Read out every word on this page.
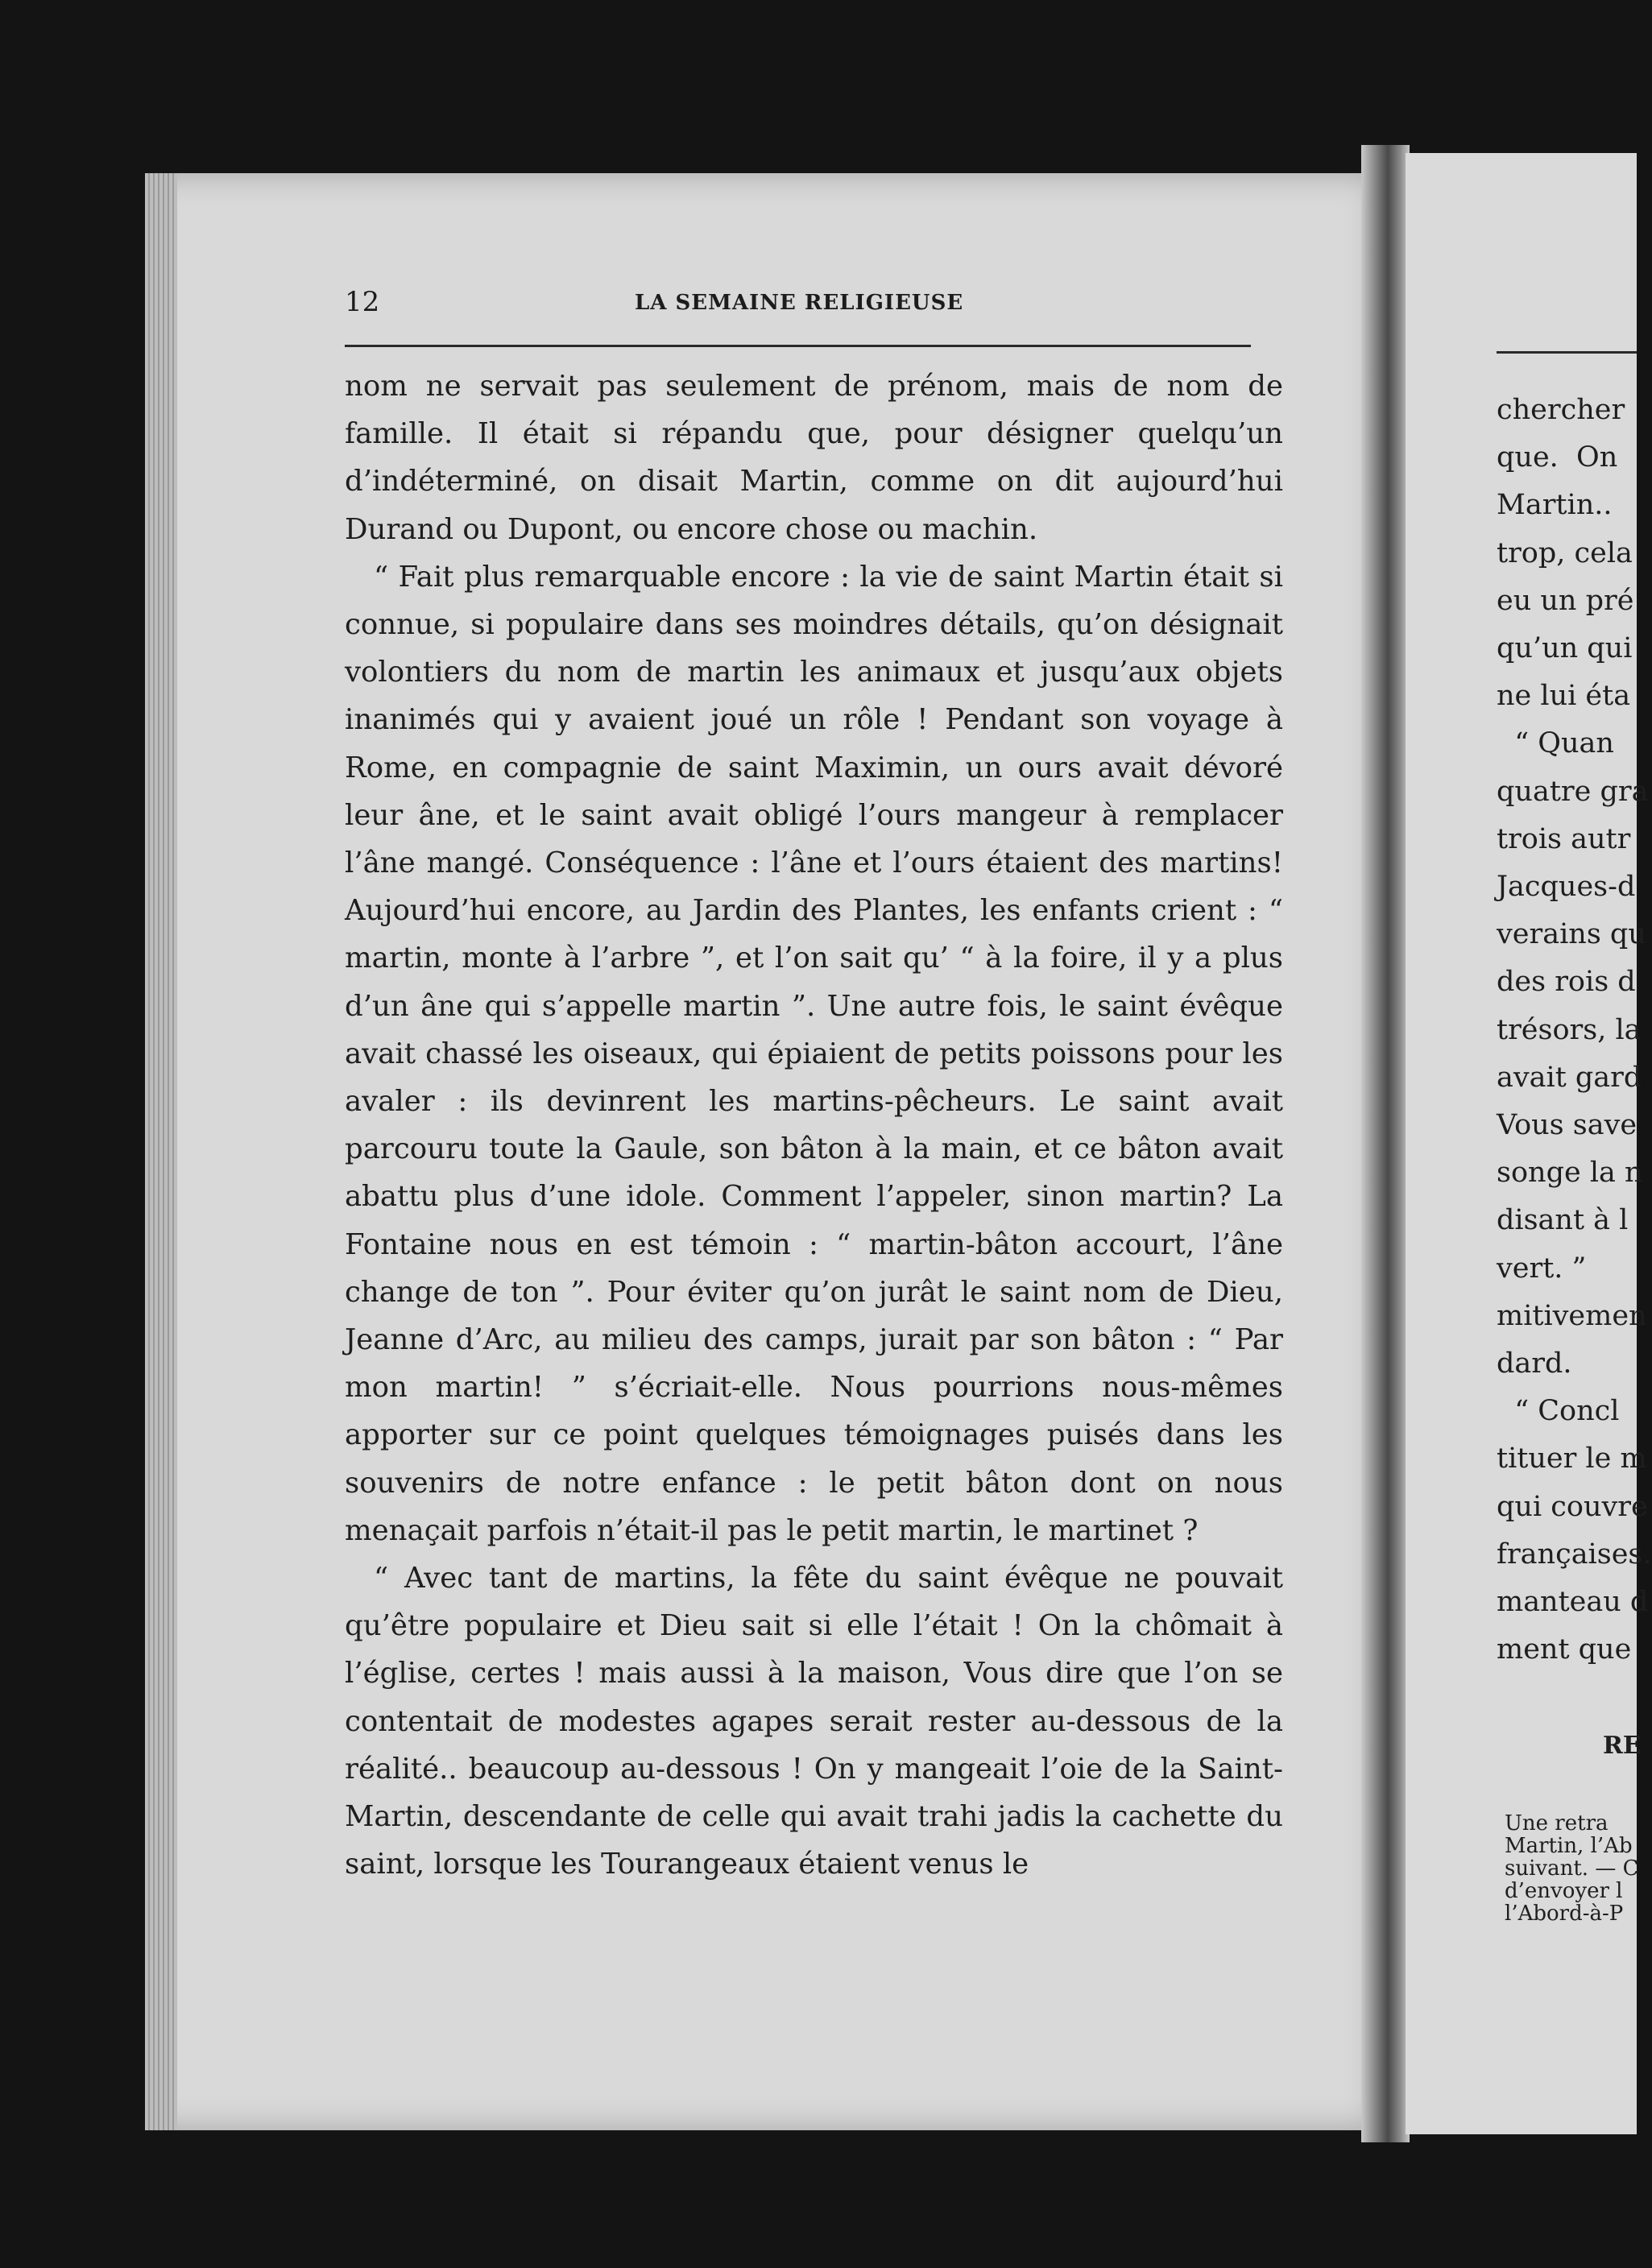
12	LA SEMAINE RELIGIEUSE

nom ne servait pas seulement de prénom, mais de nom de famille. Il était si répandu que, pour désigner quelqu’un d’indéterminé, on disait Martin, comme on dit aujourd’hui Durand ou Dupont, ou encore chose ou machin.

“ Fait plus remarquable encore : la vie de saint Martin était si connue, si populaire dans ses moindres détails, qu’on désignait volontiers du nom de martin les animaux et jusqu’aux objets inanimés qui y avaient joué un rôle ! Pendant son voyage à Rome, en compagnie de saint Maximin, un ours avait dévoré leur âne, et le saint avait obligé l’ours mangeur à remplacer l’âne mangé. Conséquence : l’âne et l’ours étaient des martins! Aujourd’hui encore, au Jardin des Plantes, les enfants crient : “ martin, monte à l’arbre ”, et l’on sait qu’ “ à la foire, il y a plus d’un âne qui s’appelle martin ”. Une autre fois, le saint évêque avait chassé les oiseaux, qui épiaient de petits poissons pour les avaler : ils devinrent les martins-pêcheurs. Le saint avait parcouru toute la Gaule, son bâton à la main, et ce bâton avait abattu plus d’une idole. Comment l’appeler, sinon martin? La Fontaine nous en est témoin : “ martin-bâton accourt, l’âne change de ton ”. Pour éviter qu’on jurât le saint nom de Dieu, Jeanne d’Arc, au milieu des camps, jurait par son bâton : “ Par mon martin! ” s’écriait-elle. Nous pourrions nous-mêmes apporter sur ce point quelques témoignages puisés dans les souvenirs de notre enfance : le petit bâton dont on nous menaçait parfois n’était-il pas le petit martin, le martinet ?

“ Avec tant de martins, la fête du saint évêque ne pouvait qu’être populaire et Dieu sait si elle l’était ! On la chômait à l’église, certes ! mais aussi à la maison, Vous dire que l’on se contentait de modestes agapes serait rester au-dessous de la réalité.. beaucoup au-dessous ! On y mangeait l’oie de la Saint-Martin, descendante de celle qui avait trahi jadis la cachette du saint, lorsque les Tourangeaux étaient venus le

chercher
que.  On
Martin..
trop, cela
eu un pré
qu’un qui
ne lui éta
“ Quan
quatre gra
trois autr
Jacques-d
verains qu
des rois d
trésors, la
avait gard
Vous save
songe la n
disant à l
vert. ”
mitivemen
dard.
“ Concl
tituer le m
qui couvre
françaises.
manteau d
ment que
RE
Une retra
Martin, l’Ab
suivant. — C
d’envoyer l
l’Abord-à-P
